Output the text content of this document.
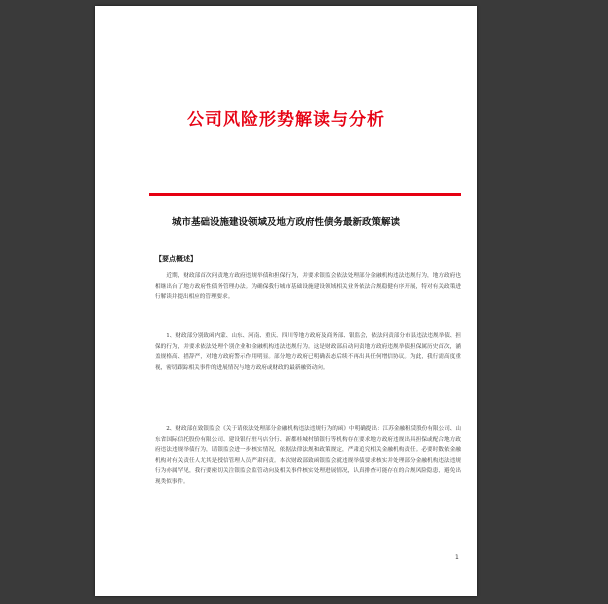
公司风险形势解读与分析
城市基础设施建设领域及地方政府性债务最新政策解读
【要点概述】
　　近期，财政部首次问责地方政府违规举债和担保行为，并要求银监会依法处理部分金融机构违法违规行为，地方政府也相继出台了地方政府性债务管理办法。为确保我行城市基础设施建设领域相关业务依法合规稳健有序开展，特对有关政策进行解读并提出相应的管理要求。
　　1、财政部分别致函内蒙、山东、河南、重庆、四川等地方政府及商务部、银监会，依法问责部分市县违法违规举债、担保的行为，并要求依法处理个别企业和金融机构违法违规行为。这是财政部启动问责地方政府违规举债担保属历史首次，涵盖规格高、措辞严，对地方政府警示作用明显。部分地方政府已明确表态后续不再出具任何增信协议。为此，我行需高度重视，密切跟踪相关事件的进展情况与地方政府或财政的最新融资动向。
　　2、财政部在致银监会《关于请依法处理部分金融机构违法违规行为的函》中明确提出：江苏金融租赁股份有限公司、山东省国际信托股份有限公司、建设银行驻马店分行、新都桂城村镇银行等机构存在要求地方政府违规出具担保或配合地方政府违法违规举债行为，请银监会进一步核实情况，依据法律法规和政策规定，严肃追究相关金融机构责任。必要时数依金融机构对有关责任人尤其是授信管理人员严肃问责。本次财政部致函银监会就违规举债要求核实并处理部分金融机构违法违规行为亦属罕见，我行要密切关注银监会监管动向及相关事件核实处理进展情况，认真排查可能存在的合规风险隐患，避免出现类似事件。
1
